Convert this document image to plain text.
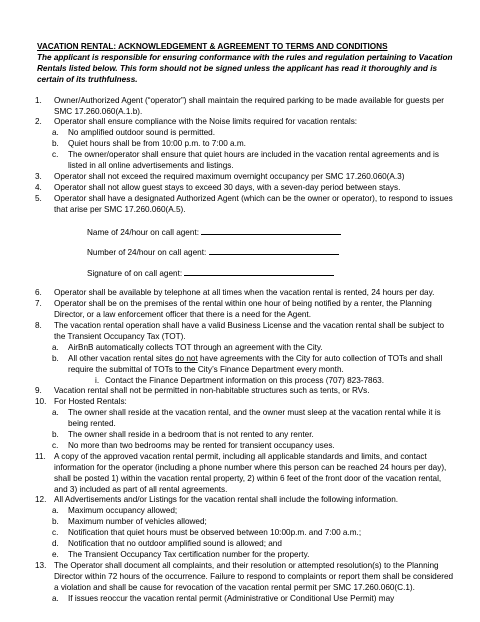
VACATION RENTAL: ACKNOWLEDGEMENT & AGREEMENT TO TERMS AND CONDITIONS
The applicant is responsible for ensuring conformance with the rules and regulation pertaining to Vacation Rentals listed below. This form should not be signed unless the applicant has read it thoroughly and is certain of its truthfulness.
1. Owner/Authorized Agent (“operator”) shall maintain the required parking to be made available for guests per SMC 17.260.060(A.1.b).
2. Operator shall ensure compliance with the Noise limits required for vacation rentals:
a. No amplified outdoor sound is permitted.
b. Quiet hours shall be from 10:00 p.m. to 7:00 a.m.
c. The owner/operator shall ensure that quiet hours are included in the vacation rental agreements and is listed in all online advertisements and listings.
3. Operator shall not exceed the required maximum overnight occupancy per SMC 17.260.060(A.3)
4. Operator shall not allow guest stays to exceed 30 days, with a seven-day period between stays.
5. Operator shall have a designated Authorized Agent (which can be the owner or operator), to respond to issues that arise per SMC 17.260.060(A.5).
Name of 24/hour on call agent:
Number of 24/hour on call agent:
Signature of on call agent:
6. Operator shall be available by telephone at all times when the vacation rental is rented, 24 hours per day.
7. Operator shall be on the premises of the rental within one hour of being notified by a renter, the Planning Director, or a law enforcement officer that there is a need for the Agent.
8. The vacation rental operation shall have a valid Business License and the vacation rental shall be subject to the Transient Occupancy Tax (TOT).
a. AirBnB automatically collects TOT through an agreement with the City.
b. All other vacation rental sites do not have agreements with the City for auto collection of TOTs and shall require the submittal of TOTs to the City’s Finance Department every month.
i. Contact the Finance Department information on this process (707) 823-7863.
9. Vacation rental shall not be permitted in non-habitable structures such as tents, or RVs.
10. For Hosted Rentals:
a. The owner shall reside at the vacation rental, and the owner must sleep at the vacation rental while it is being rented.
b. The owner shall reside in a bedroom that is not rented to any renter.
c. No more than two bedrooms may be rented for transient occupancy uses.
11. A copy of the approved vacation rental permit, including all applicable standards and limits, and contact information for the operator (including a phone number where this person can be reached 24 hours per day), shall be posted 1) within the vacation rental property, 2) within 6 feet of the front door of the vacation rental, and 3) included as part of all rental agreements.
12. All Advertisements and/or Listings for the vacation rental shall include the following information.
a. Maximum occupancy allowed;
b. Maximum number of vehicles allowed;
c. Notification that quiet hours must be observed between 10:00p.m. and 7:00 a.m.;
d. Notification that no outdoor amplified sound is allowed; and
e. The Transient Occupancy Tax certification number for the property.
13. The Operator shall document all complaints, and their resolution or attempted resolution(s) to the Planning Director within 72 hours of the occurrence. Failure to respond to complaints or report them shall be considered a violation and shall be cause for revocation of the vacation rental permit per SMC 17.260.060(C.1).
a. If issues reoccur the vacation rental permit (Administrative or Conditional Use Permit) may
